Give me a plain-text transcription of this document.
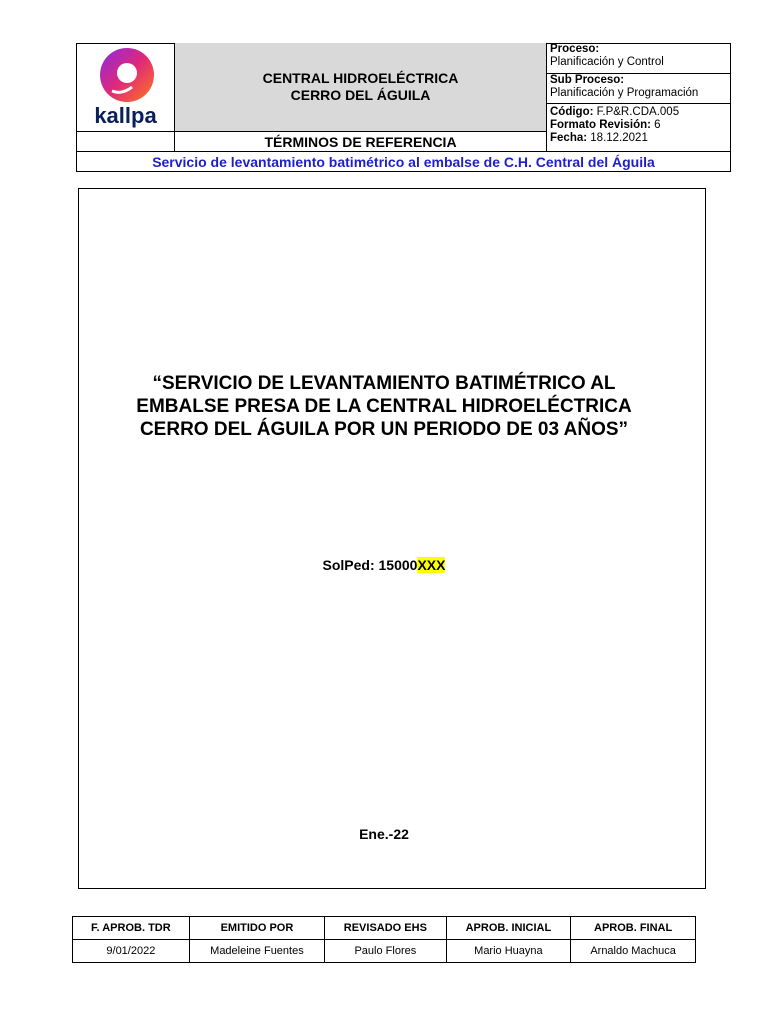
kallpa
CENTRAL HIDROELÉCTRICA
CERRO DEL ÁGUILA
TÉRMINOS DE REFERENCIA
Proceso:
Planificación y Control
Sub Proceso:
Planificación y Programación
Código: F.P&R.CDA.005
Formato Revisión: 6
Fecha: 18.12.2021
Servicio de levantamiento batimétrico al embalse de C.H. Central del Águila
“SERVICIO DE LEVANTAMIENTO BATIMÉTRICO AL
EMBALSE PRESA DE LA CENTRAL HIDROELÉCTRICA
CERRO DEL ÁGUILA POR UN PERIODO DE 03 AÑOS”
SolPed: 15000XXX
Ene.-22
F. APROB. TDR	EMITIDO POR	REVISADO EHS	APROB. INICIAL	APROB. FINAL
9/01/2022	Madeleine Fuentes	Paulo Flores	Mario Huayna	Arnaldo Machuca
